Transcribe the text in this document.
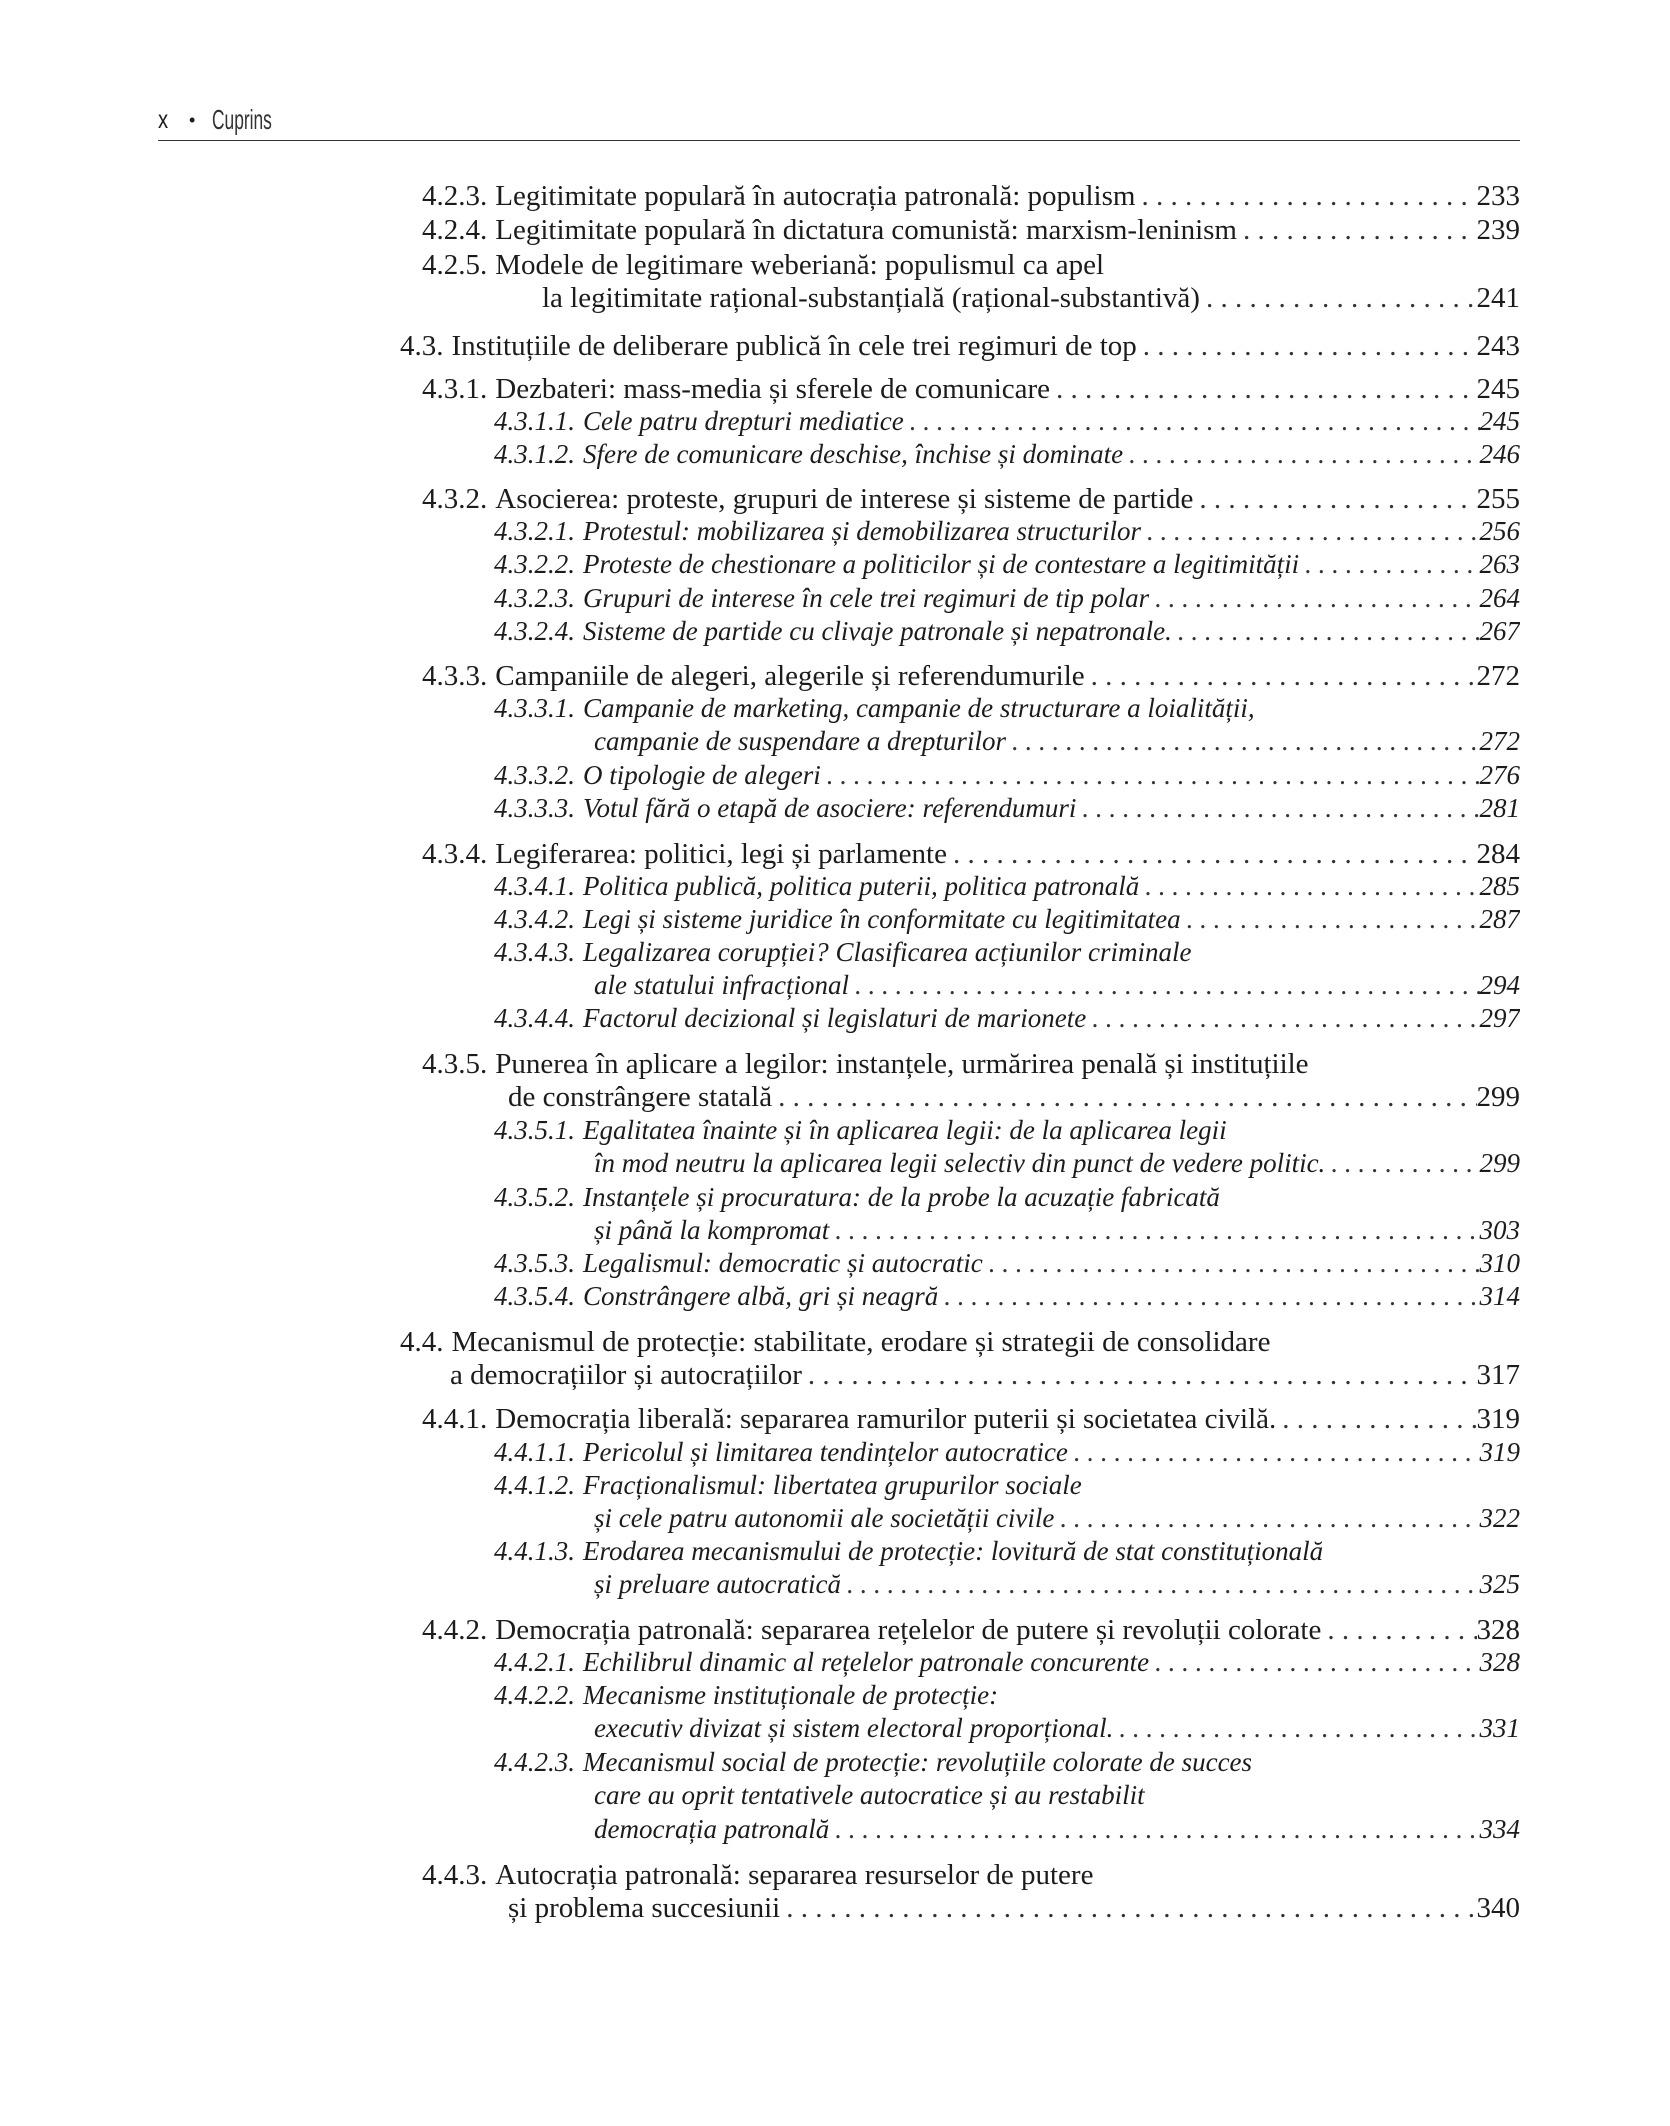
x • Cuprins
4.2.3. Legitimitate populară în autocrația patronală: populism . . .	233
4.2.4. Legitimitate populară în dictatura comunistă: marxism-leninism . . .	239
4.2.5. Modele de legitimare weberiană: populismul ca apel
la legitimitate rațional-substanțială (rațional-substantivă) . . .	241
4.3. Instituțiile de deliberare publică în cele trei regimuri de top . . .	243
4.3.1. Dezbateri: mass-media și sferele de comunicare . . .	245
4.3.1.1. Cele patru drepturi mediatice . . .	245
4.3.1.2. Sfere de comunicare deschise, închise și dominate . . .	246
4.3.2. Asocierea: proteste, grupuri de interese și sisteme de partide . . .	255
4.3.2.1. Protestul: mobilizarea și demobilizarea structurilor . . .	256
4.3.2.2. Proteste de chestionare a politicilor și de contestare a legitimității . . .	263
4.3.2.3. Grupuri de interese în cele trei regimuri de tip polar . . .	264
4.3.2.4. Sisteme de partide cu clivaje patronale și nepatronale. . . .	267
4.3.3. Campaniile de alegeri, alegerile și referendumurile . . .	272
4.3.3.1. Campanie de marketing, campanie de structurare a loialității,
campanie de suspendare a drepturilor . . .	272
4.3.3.2. O tipologie de alegeri . . .	276
4.3.3.3. Votul fără o etapă de asociere: referendumuri . . .	281
4.3.4. Legiferarea: politici, legi și parlamente . . .	284
4.3.4.1. Politica publică, politica puterii, politica patronală . . .	285
4.3.4.2. Legi și sisteme juridice în conformitate cu legitimitatea . . .	287
4.3.4.3. Legalizarea corupției? Clasificarea acțiunilor criminale
ale statului infracțional . . .	294
4.3.4.4. Factorul decizional și legislaturi de marionete . . .	297
4.3.5. Punerea în aplicare a legilor: instanțele, urmărirea penală și instituțiile
de constrângere statală . . .	299
4.3.5.1. Egalitatea înainte și în aplicarea legii: de la aplicarea legii
în mod neutru la aplicarea legii selectiv din punct de vedere politic. . . .	299
4.3.5.2. Instanțele și procuratura: de la probe la acuzație fabricată
și până la kompromat . . .	303
4.3.5.3. Legalismul: democratic și autocratic . . .	310
4.3.5.4. Constrângere albă, gri și neagră . . .	314
4.4. Mecanismul de protecție: stabilitate, erodare și strategii de consolidare
a democrațiilor și autocrațiilor . . .	317
4.4.1. Democrația liberală: separarea ramurilor puterii și societatea civilă. . . .	319
4.4.1.1. Pericolul și limitarea tendințelor autocratice . . .	319
4.4.1.2. Fracționalismul: libertatea grupurilor sociale
și cele patru autonomii ale societății civile . . .	322
4.4.1.3. Erodarea mecanismului de protecție: lovitură de stat constituțională
și preluare autocratică . . .	325
4.4.2. Democrația patronală: separarea rețelelor de putere și revoluții colorate . . .	328
4.4.2.1. Echilibrul dinamic al rețelelor patronale concurente . . .	328
4.4.2.2. Mecanisme instituționale de protecție:
executiv divizat și sistem electoral proporțional. . . .	331
4.4.2.3. Mecanismul social de protecție: revoluțiile colorate de succes
care au oprit tentativele autocratice și au restabilit
democrația patronală . . .	334
4.4.3. Autocrația patronală: separarea resurselor de putere
și problema succesiunii . . .	340
